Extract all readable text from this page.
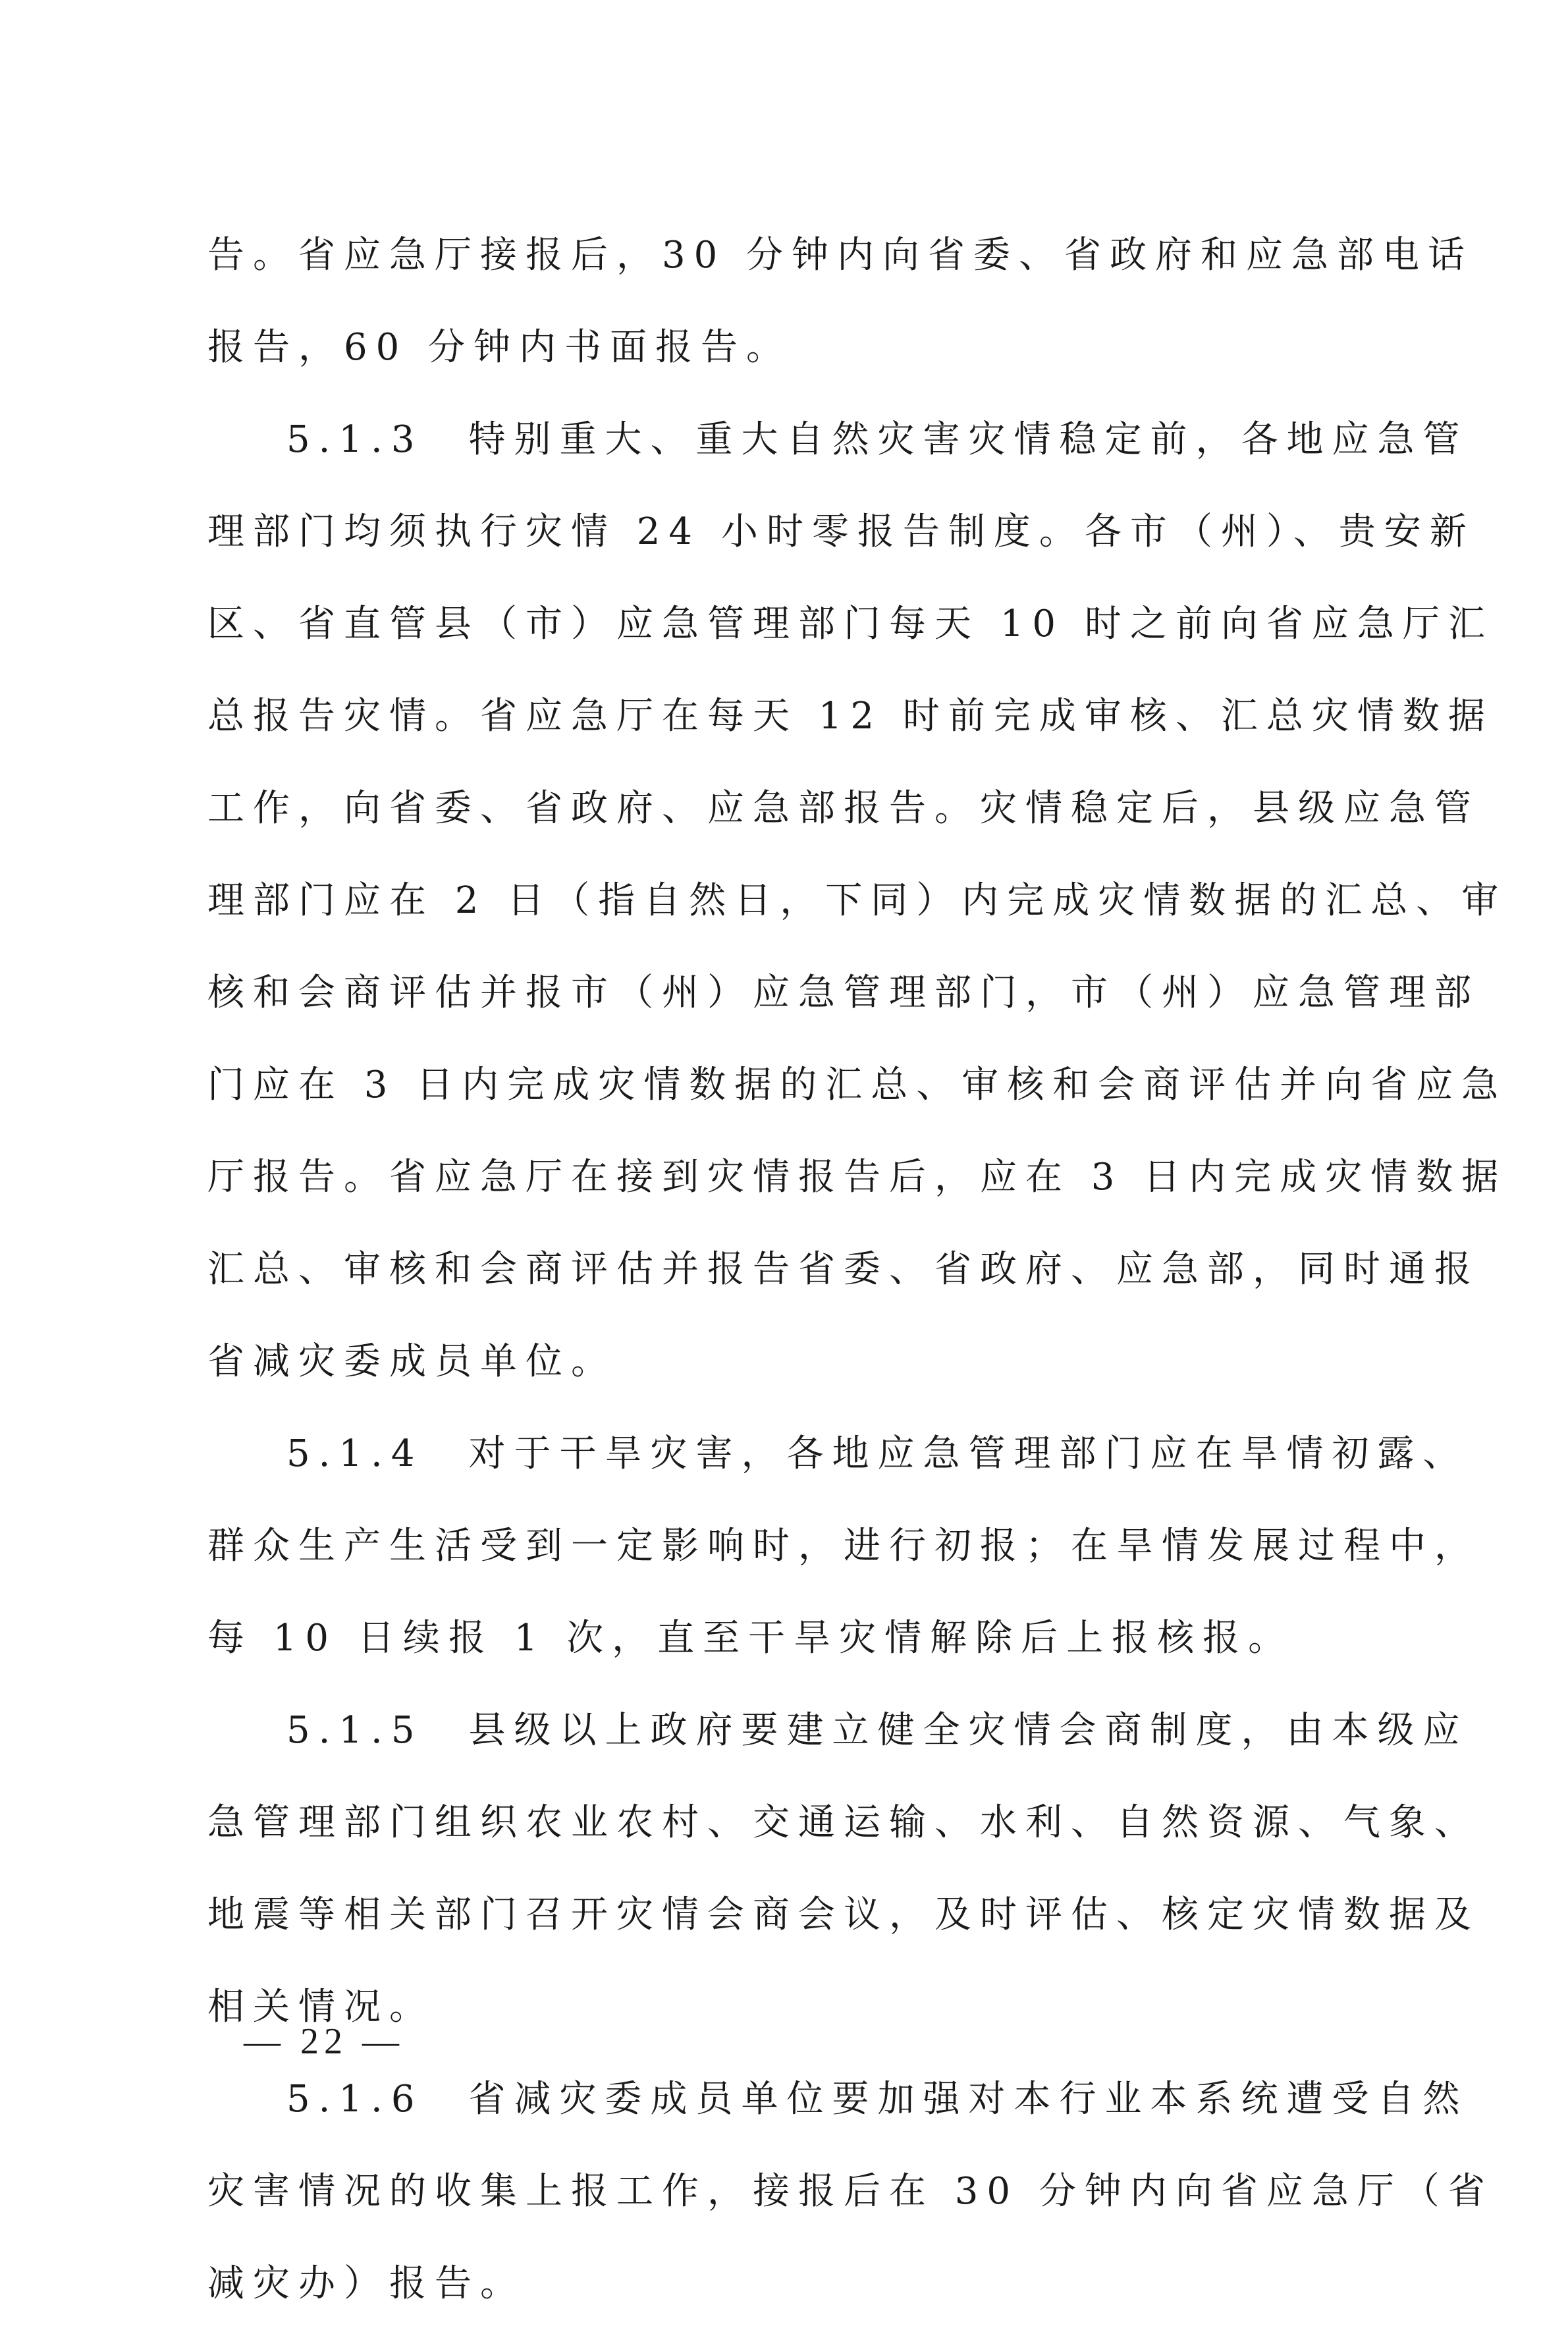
告。省应急厅接报后，30 分钟内向省委、省政府和应急部电话
报告，60 分钟内书面报告。
5.1.3　特别重大、重大自然灾害灾情稳定前，各地应急管
理部门均须执行灾情 24 小时零报告制度。各市（州）、贵安新
区、省直管县（市）应急管理部门每天 10 时之前向省应急厅汇
总报告灾情。省应急厅在每天 12 时前完成审核、汇总灾情数据
工作，向省委、省政府、应急部报告。灾情稳定后，县级应急管
理部门应在 2 日（指自然日，下同）内完成灾情数据的汇总、审
核和会商评估并报市（州）应急管理部门，市（州）应急管理部
门应在 3 日内完成灾情数据的汇总、审核和会商评估并向省应急
厅报告。省应急厅在接到灾情报告后，应在 3 日内完成灾情数据
汇总、审核和会商评估并报告省委、省政府、应急部，同时通报
省减灾委成员单位。
5.1.4　对于干旱灾害，各地应急管理部门应在旱情初露、
群众生产生活受到一定影响时，进行初报；在旱情发展过程中，
每 10 日续报 1 次，直至干旱灾情解除后上报核报。
5.1.5　县级以上政府要建立健全灾情会商制度，由本级应
急管理部门组织农业农村、交通运输、水利、自然资源、气象、
地震等相关部门召开灾情会商会议，及时评估、核定灾情数据及
相关情况。
5.1.6　省减灾委成员单位要加强对本行业本系统遭受自然
灾害情况的收集上报工作，接报后在 30 分钟内向省应急厅（省
减灾办）报告。
— 22 —
